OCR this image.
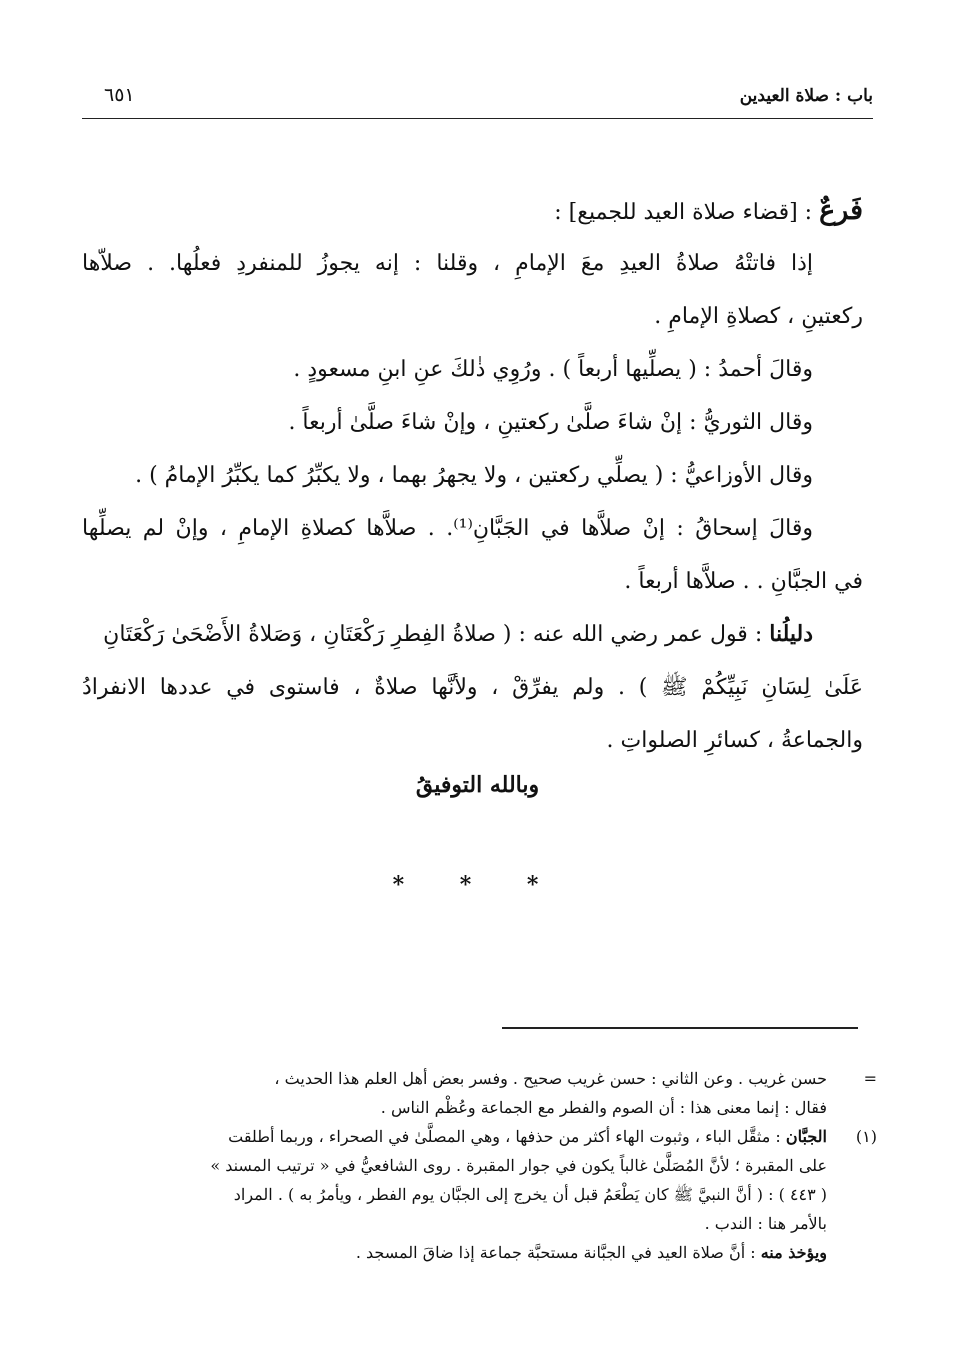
باب : صلاة العيدين
٦٥١
فَرعٌ : [قضاء صلاة العيد للجميع] :
إذا فاتتْهُ صلاةُ العيدِ معَ الإمامِ ، وقلنا : إنه يجوزُ للمنفردِ فعلُها. . صلاّها
ركعتينِ ، كصلاةِ الإمامِ .
وقالَ أحمدُ : ( يصلِّيها أربعاً ) . ورُوِي ذٰلكَ عنِ ابنِ مسعودٍ .
وقال الثوريُّ : إنْ شاءَ صلَّىٰ ركعتينِ ، وإنْ شاءَ صلَّىٰ أربعاً .
وقال الأوزاعيُّ : ( يصلِّي ركعتين ، ولا يجهرُ بهما ، ولا يكبِّرُ كما يكبِّرُ الإمامُ ) .
وقالَ إسحاقُ : إنْ صلاَّها في الجَبَّانِ⁽¹⁾. . صلاَّها كصلاةِ الإمامِ ، وإنْ لم يصلِّها
في الجبَّانِ . . صلاَّها أربعاً .
دليلُنا : قول عمر رضي الله عنه : ( صلاةُ الفِطرِ رَكْعَتَانِ ، وَصَلاةُ الأَضْحَىٰ رَكْعَتَانِ
عَلَىٰ لِسَانِ نَبِيِّكُمْ ﷺ ) . ولم يفرِّقْ ، ولأنَّها صلاةٌ ، فاستوى في عددها الانفرادُ
والجماعةُ ، كسائرِ الصلواتِ .
وبالله التوفيقُ
* * *
=
حسن غريب . وعن الثاني : حسن غريب صحيح . وفسر بعض أهل العلم هذا الحديث ،
فقال : إنما معنى هذا : أن الصوم والفطر مع الجماعة وعُظْم الناس .
(١)
الجبَّان : مثقَّل الباء ، وثبوت الهاء أكثر من حذفها ، وهي المصلَّىٰ في الصحراء ، وربما أطلقت
على المقبرة ؛ لأنَّ المُصَلَّىٰ غالباً يكون في جوار المقبرة . روى الشافعيُّ في « ترتيب المسند »
( ٤٤٣ ) : ( أنَّ النبيَّ ﷺ كان يَطْعَمُ قبل أن يخرج إلى الجبَّان يوم الفطر ، ويأمرُ به ) . المراد
بالأمر هنا : الندب .
ويؤخذ منه : أنَّ صلاة العيد في الجبَّانة مستحبَّة جماعة إذا ضاقَ المسجد .
